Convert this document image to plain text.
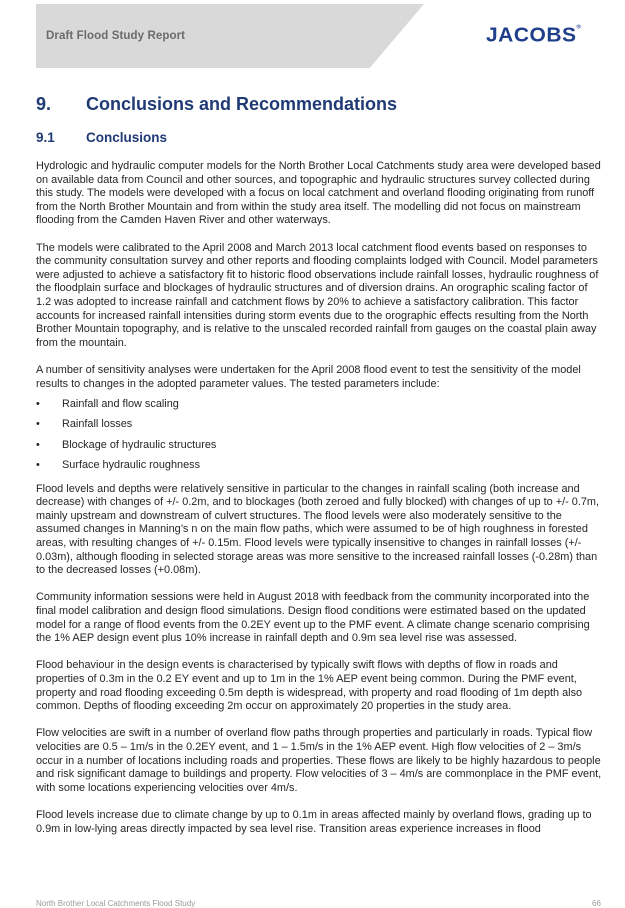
Draft Flood Study Report	JACOBS®
9.	Conclusions and Recommendations
9.1	Conclusions

Hydrologic and hydraulic computer models for the North Brother Local Catchments study area were developed based on available data from Council and other sources, and topographic and hydraulic structures survey collected during this study. The models were developed with a focus on local catchment and overland flooding originating from runoff from the North Brother Mountain and from within the study area itself. The modelling did not focus on mainstream flooding from the Camden Haven River and other waterways.

The models were calibrated to the April 2008 and March 2013 local catchment flood events based on responses to the community consultation survey and other reports and flooding complaints lodged with Council. Model parameters were adjusted to achieve a satisfactory fit to historic flood observations include rainfall losses, hydraulic roughness of the floodplain surface and blockages of hydraulic structures and of diversion drains. An orographic scaling factor of 1.2 was adopted to increase rainfall and catchment flows by 20% to achieve a satisfactory calibration. This factor accounts for increased rainfall intensities during storm events due to the orographic effects resulting from the North Brother Mountain topography, and is relative to the unscaled recorded rainfall from gauges on the coastal plain away from the mountain.

A number of sensitivity analyses were undertaken for the April 2008 flood event to test the sensitivity of the model results to changes in the adopted parameter values. The tested parameters include:

•	Rainfall and flow scaling
•	Rainfall losses
•	Blockage of hydraulic structures
•	Surface hydraulic roughness

Flood levels and depths were relatively sensitive in particular to the changes in rainfall scaling (both increase and decrease) with changes of +/- 0.2m, and to blockages (both zeroed and fully blocked) with changes of up to +/- 0.7m, mainly upstream and downstream of culvert structures. The flood levels were also moderately sensitive to the assumed changes in Manning’s n on the main flow paths, which were assumed to be of high roughness in forested areas, with resulting changes of +/- 0.15m. Flood levels were typically insensitive to changes in rainfall losses (+/- 0.03m), although flooding in selected storage areas was more sensitive to the increased rainfall losses (-0.28m) than to the decreased losses (+0.08m).

Community information sessions were held in August 2018 with feedback from the community incorporated into the final model calibration and design flood simulations. Design flood conditions were estimated based on the updated model for a range of flood events from the 0.2EY event up to the PMF event. A climate change scenario comprising the 1% AEP design event plus 10% increase in rainfall depth and 0.9m sea level rise was assessed.

Flood behaviour in the design events is characterised by typically swift flows with depths of flow in roads and properties of 0.3m in the 0.2 EY event and up to 1m in the 1% AEP event being common. During the PMF event, property and road flooding exceeding 0.5m depth is widespread, with property and road flooding of 1m depth also common. Depths of flooding exceeding 2m occur on approximately 20 properties in the study area.

Flow velocities are swift in a number of overland flow paths through properties and particularly in roads. Typical flow velocities are 0.5 – 1m/s in the 0.2EY event, and 1 – 1.5m/s in the 1% AEP event. High flow velocities of 2 – 3m/s occur in a number of locations including roads and properties. These flows are likely to be highly hazardous to people and risk significant damage to buildings and property. Flow velocities of 3 – 4m/s are commonplace in the PMF event, with some locations experiencing velocities over 4m/s.

Flood levels increase due to climate change by up to 0.1m in areas affected mainly by overland flows, grading up to 0.9m in low-lying areas directly impacted by sea level rise. Transition areas experience increases in flood

North Brother Local Catchments Flood Study	66
